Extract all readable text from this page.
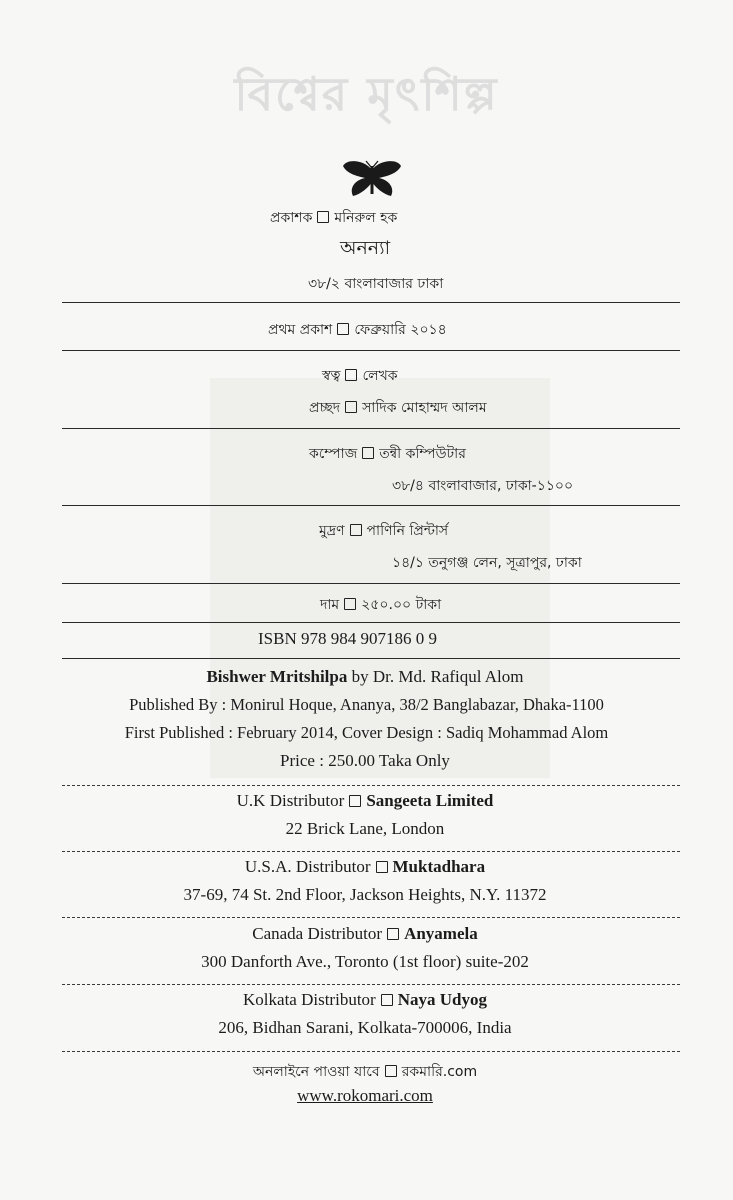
বিশ্বের মৃৎশিল্প
প্রকাশক মনিরুল হক
অনন্যা
৩৮/২ বাংলাবাজার ঢাকা
প্রথম প্রকাশ ফেব্রুয়ারি ২০১৪
স্বত্ব লেখক
প্রচ্ছদ সাদিক মোহাম্মদ আলম
কম্পোজ তন্বী কম্পিউটার
৩৮/৪ বাংলাবাজার, ঢাকা-১১০০
মুদ্রণ পাণিনি প্রিন্টার্স
১৪/১ তনুগঞ্জ লেন, সূত্রাপুর, ঢাকা
দাম ২৫০.০০ টাকা
ISBN 978 984 907186 0 9
Bishwer Mritshilpa by Dr. Md. Rafiqul Alom
Published By : Monirul Hoque, Ananya, 38/2 Banglabazar, Dhaka-1100
First Published : February 2014, Cover Design : Sadiq Mohammad Alom
Price : 250.00 Taka Only
U.K Distributor Sangeeta Limited
22 Brick Lane, London
U.S.A. Distributor Muktadhara
37-69, 74 St. 2nd Floor, Jackson Heights, N.Y. 11372
Canada Distributor Anyamela
300 Danforth Ave., Toronto (1st floor) suite-202
Kolkata Distributor Naya Udyog
206, Bidhan Sarani, Kolkata-700006, India
অনলাইনে পাওয়া যাবে রকমারি.com
www.rokomari.com
